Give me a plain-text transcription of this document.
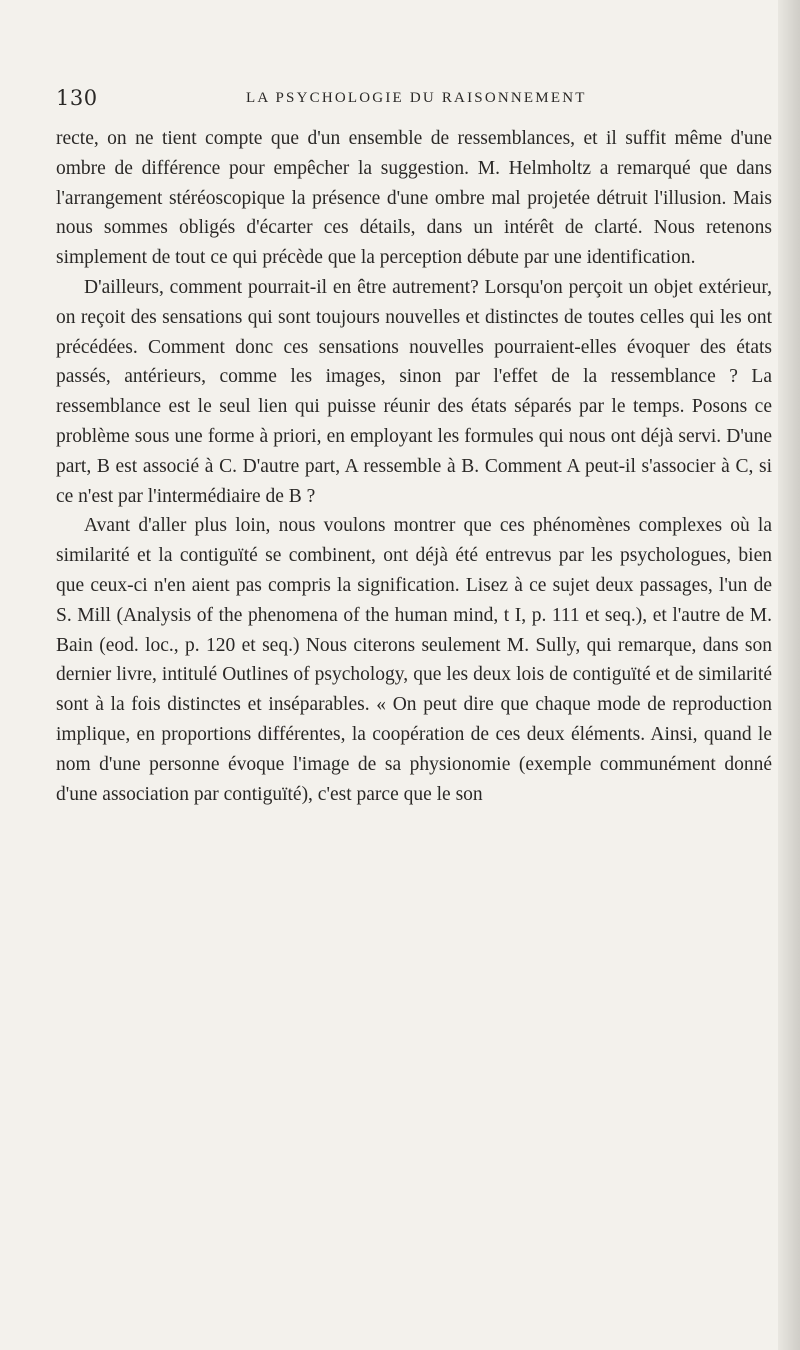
130	LA PSYCHOLOGIE DU RAISONNEMENT

recte, on ne tient compte que d'un ensemble de ressemblances, et il suffit même d'une ombre de différence pour empêcher la suggestion. M. Helmholtz a remarqué que dans l'arrangement stéréoscopique la présence d'une ombre mal projetée détruit l'illusion. Mais nous sommes obligés d'écarter ces détails, dans un intérêt de clarté. Nous retenons simplement de tout ce qui précède que la perception débute par une identification.

D'ailleurs, comment pourrait-il en être autrement? Lorsqu'on perçoit un objet extérieur, on reçoit des sensations qui sont toujours nouvelles et distinctes de toutes celles qui les ont précédées. Comment donc ces sensations nouvelles pourraient-elles évoquer des états passés, antérieurs, comme les images, sinon par l'effet de la ressemblance ? La ressemblance est le seul lien qui puisse réunir des états séparés par le temps. Posons ce problème sous une forme à priori, en employant les formules qui nous ont déjà servi. D'une part, B est associé à C. D'autre part, A ressemble à B. Comment A peut-il s'associer à C, si ce n'est par l'intermédiaire de B ?

Avant d'aller plus loin, nous voulons montrer que ces phénomènes complexes où la similarité et la contiguïté se combinent, ont déjà été entrevus par les psychologues, bien que ceux-ci n'en aient pas compris la signification. Lisez à ce sujet deux passages, l'un de S. Mill (Analysis of the phenomena of the human mind, t I, p. 111 et seq.), et l'autre de M. Bain (eod. loc., p. 120 et seq.) Nous citerons seulement M. Sully, qui remarque, dans son dernier livre, intitulé Outlines of psychology, que les deux lois de contiguïté et de similarité sont à la fois distinctes et inséparables. « On peut dire que chaque mode de reproduction implique, en proportions différentes, la coopération de ces deux éléments. Ainsi, quand le nom d'une personne évoque l'image de sa physionomie (exemple communément donné d'une association par contiguïté), c'est parce que le son
